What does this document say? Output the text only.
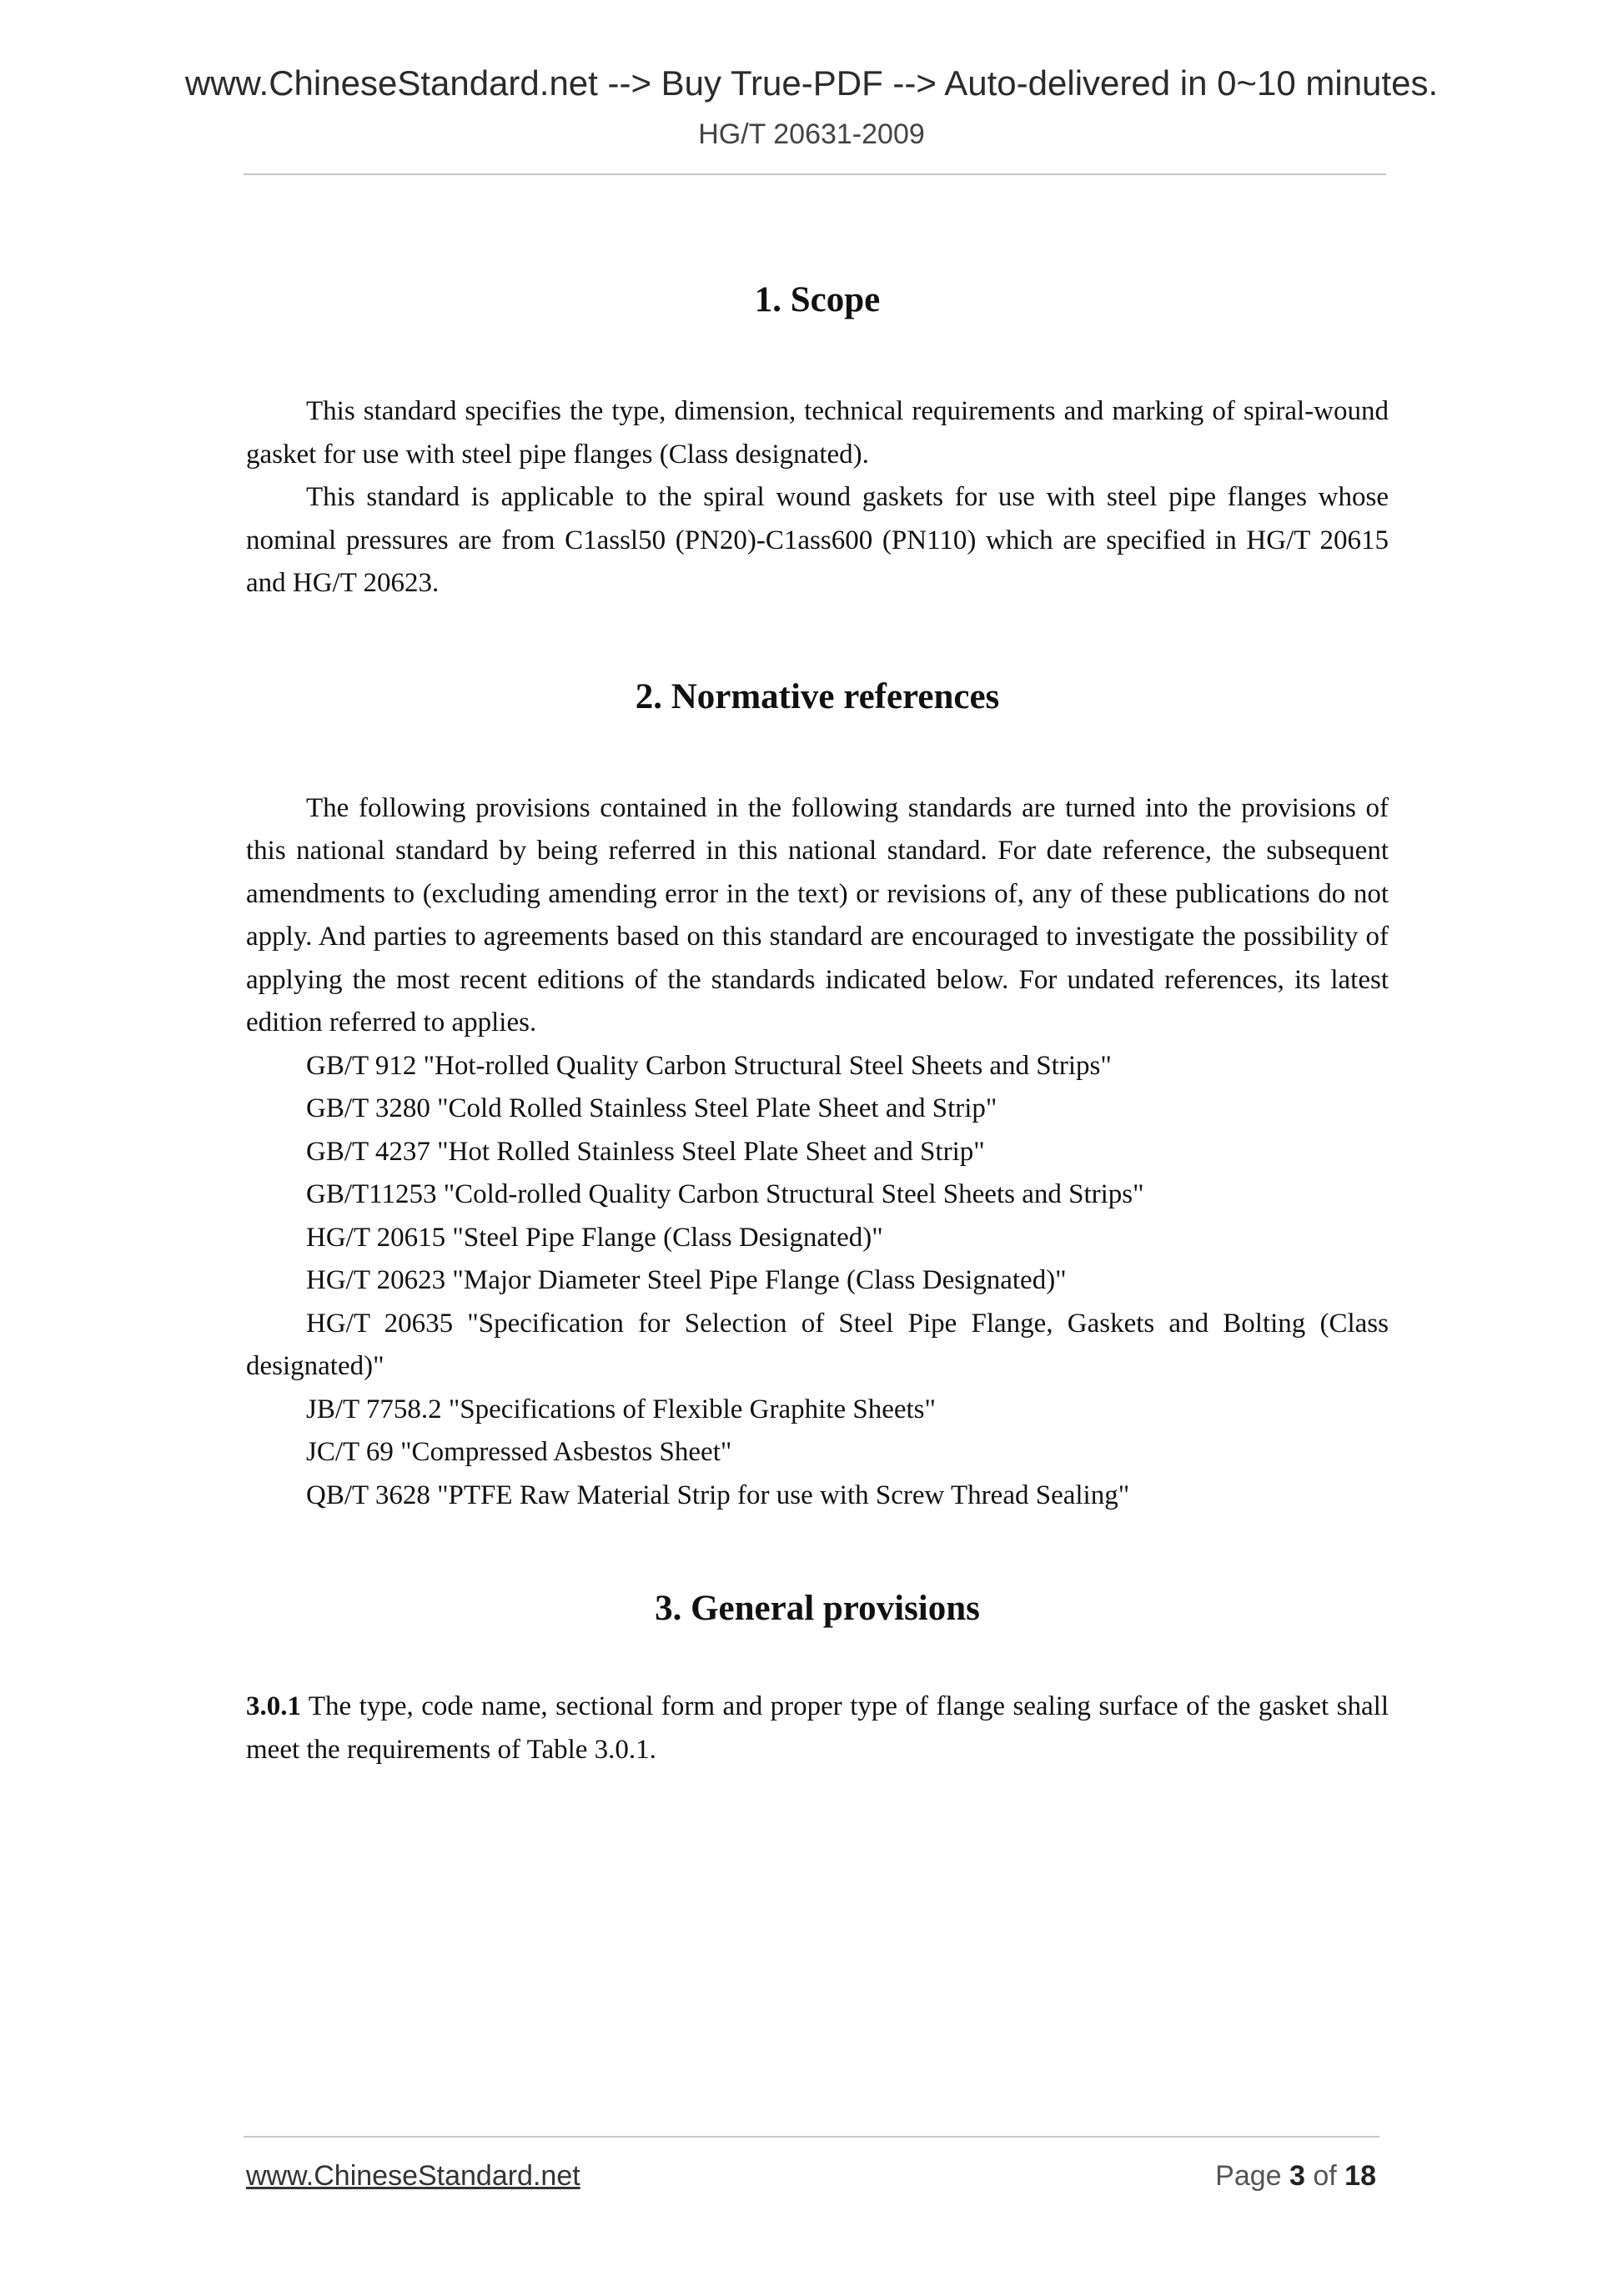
www.ChineseStandard.net --> Buy True-PDF --> Auto-delivered in 0~10 minutes.
HG/T 20631-2009
1. Scope

This standard specifies the type, dimension, technical requirements and marking of spiral-wound gasket for use with steel pipe flanges (Class designated).

This standard is applicable to the spiral wound gaskets for use with steel pipe flanges whose nominal pressures are from C1assl50 (PN20)-C1ass600 (PN110) which are specified in HG/T 20615 and HG/T 20623.

2. Normative references

The following provisions contained in the following standards are turned into the provisions of this national standard by being referred in this national standard. For date reference, the subsequent amendments to (excluding amending error in the text) or revisions of, any of these publications do not apply. And parties to agreements based on this standard are encouraged to investigate the possibility of applying the most recent editions of the standards indicated below. For undated references, its latest edition referred to applies.

GB/T 912 "Hot-rolled Quality Carbon Structural Steel Sheets and Strips"

GB/T 3280 "Cold Rolled Stainless Steel Plate Sheet and Strip"

GB/T 4237 "Hot Rolled Stainless Steel Plate Sheet and Strip"

GB/T11253 "Cold-rolled Quality Carbon Structural Steel Sheets and Strips"

HG/T 20615 "Steel Pipe Flange (Class Designated)"

HG/T 20623 "Major Diameter Steel Pipe Flange (Class Designated)"

HG/T 20635 "Specification for Selection of Steel Pipe Flange, Gaskets and Bolting (Class designated)"

JB/T 7758.2 "Specifications of Flexible Graphite Sheets"

JC/T 69 "Compressed Asbestos Sheet"

QB/T 3628 "PTFE Raw Material Strip for use with Screw Thread Sealing"

3. General provisions

3.0.1 The type, code name, sectional form and proper type of flange sealing surface of the gasket shall meet the requirements of Table 3.0.1.

www.ChineseStandard.net	Page 3 of 18
